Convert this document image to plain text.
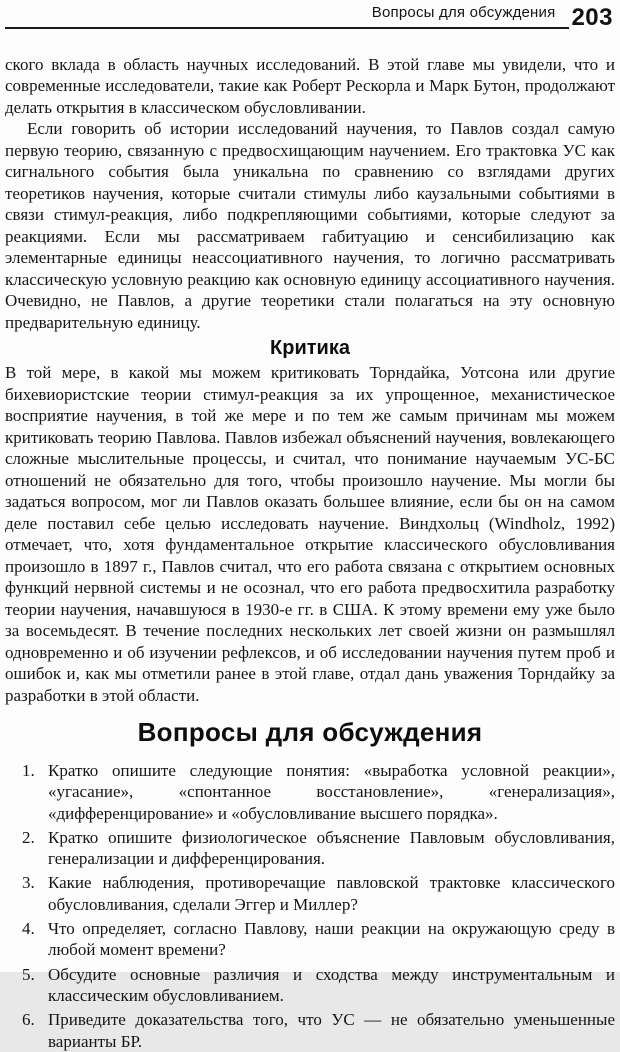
Вопросы для обсуждения 203

ского вклада в область научных исследований. В этой главе мы увидели, что и современные исследователи, такие как Роберт Рескорла и Марк Бутон, продолжают делать открытия в классическом обусловливании.

Если говорить об истории исследований научения, то Павлов создал самую первую теорию, связанную с предвосхищающим научением. Его трактовка УС как сигнального события была уникальна по сравнению со взглядами других теоретиков научения, которые считали стимулы либо каузальными событиями в связи стимул-реакция, либо подкрепляющими событиями, которые следуют за реакциями. Если мы рассматриваем габитуацию и сенсибилизацию как элементарные единицы неассоциативного научения, то логично рассматривать классическую условную реакцию как основную единицу ассоциативного научения. Очевидно, не Павлов, а другие теоретики стали полагаться на эту основную предварительную единицу.

Критика

В той мере, в какой мы можем критиковать Торндайка, Уотсона или другие бихевиористские теории стимул-реакция за их упрощенное, механистическое восприятие научения, в той же мере и по тем же самым причинам мы можем критиковать теорию Павлова. Павлов избежал объяснений научения, вовлекающего сложные мыслительные процессы, и считал, что понимание научаемым УС-БС отношений не обязательно для того, чтобы произошло научение. Мы могли бы задаться вопросом, мог ли Павлов оказать большее влияние, если бы он на самом деле поставил себе целью исследовать научение. Виндхольц (Windholz, 1992) отмечает, что, хотя фундаментальное открытие классического обусловливания произошло в 1897 г., Павлов считал, что его работа связана с открытием основных функций нервной системы и не осознал, что его работа предвосхитила разработку теории научения, начавшуюся в 1930-е гг. в США. К этому времени ему уже было за восемьдесят. В течение последних нескольких лет своей жизни он размышлял одновременно и об изучении рефлексов, и об исследовании научения путем проб и ошибок и, как мы отметили ранее в этой главе, отдал дань уважения Торндайку за разработки в этой области.

Вопросы для обсуждения
1. Кратко опишите следующие понятия: «выработка условной реакции», «угасание», «спонтанное восстановление», «генерализация», «дифференцирование» и «обусловливание высшего порядка».
2. Кратко опишите физиологическое объяснение Павловым обусловливания, генерализации и дифференцирования.
3. Какие наблюдения, противоречащие павловской трактовке классического обусловливания, сделали Эггер и Миллер?
4. Что определяет, согласно Павлову, наши реакции на окружающую среду в любой момент времени?
5. Обсудите основные различия и сходства между инструментальным и классическим обусловливанием.
6. Приведите доказательства того, что УС — не обязательно уменьшенные варианты БР.
